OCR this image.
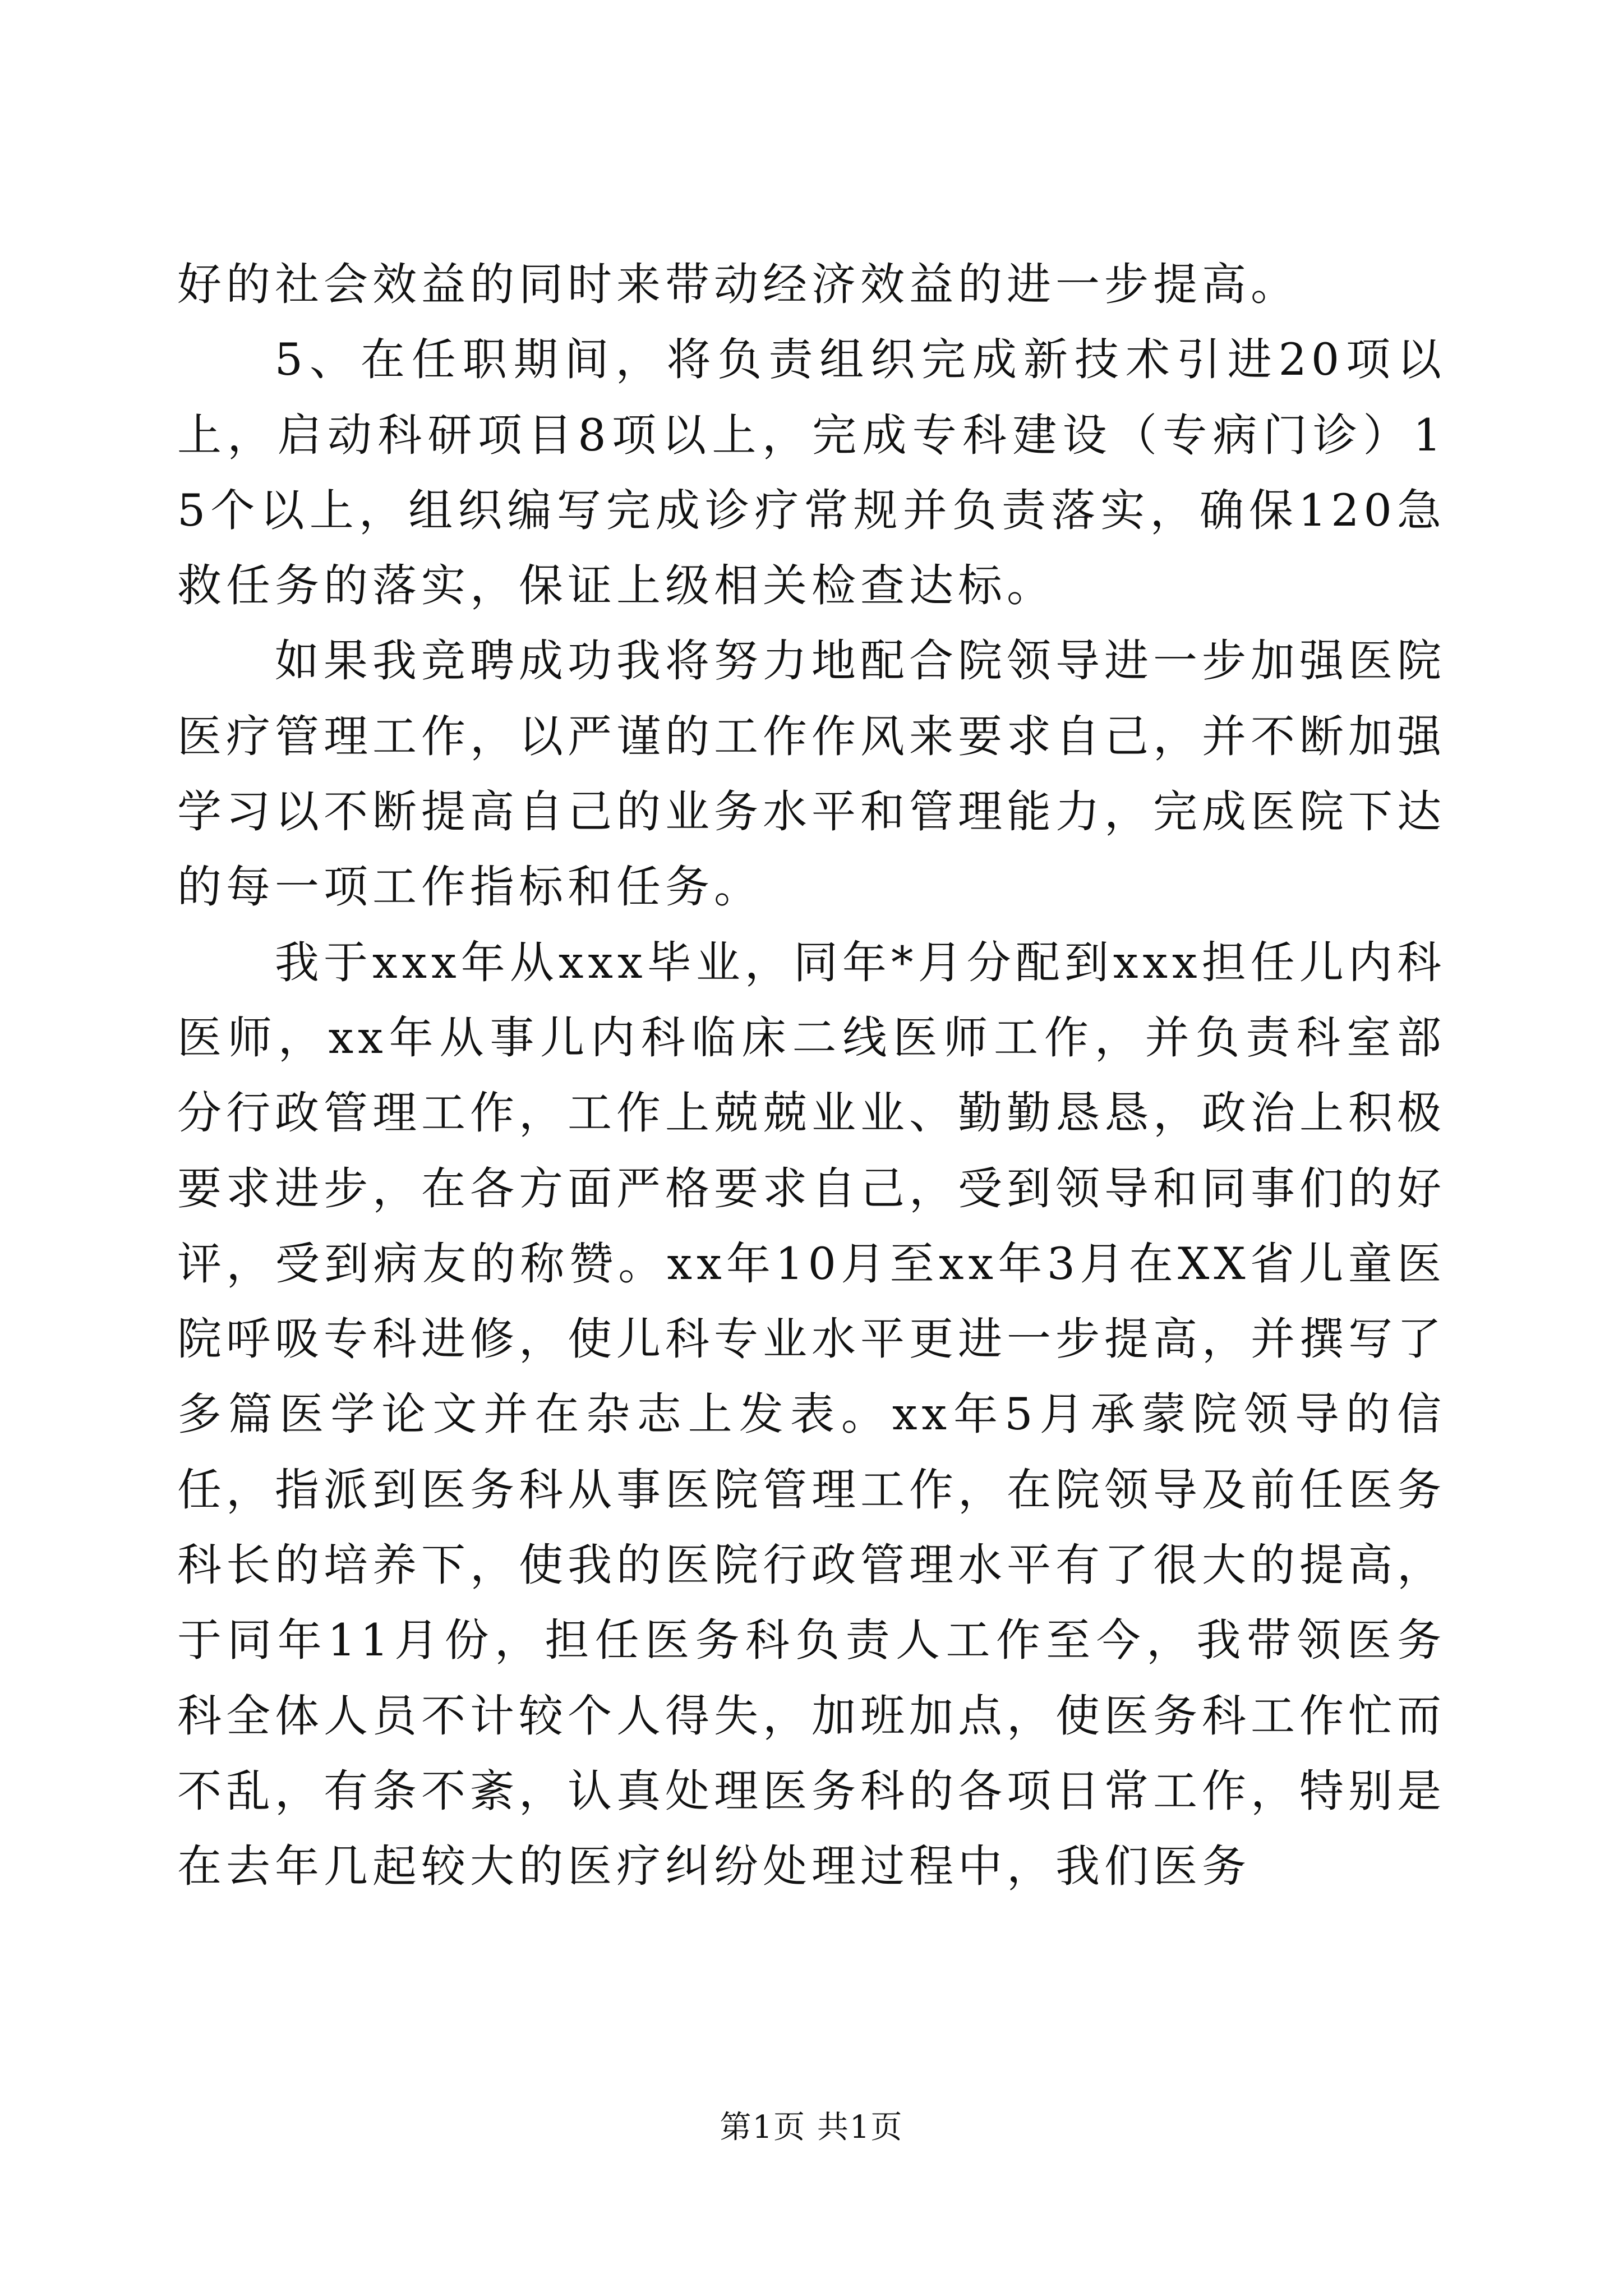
好的社会效益的同时来带动经济效益的进一步提高。

5、在任职期间，将负责组织完成新技术引进20项以上，启动科研项目8项以上，完成专科建设（专病门诊）15个以上，组织编写完成诊疗常规并负责落实，确保120急救任务的落实，保证上级相关检查达标。

如果我竞聘成功我将努力地配合院领导进一步加强医院医疗管理工作，以严谨的工作作风来要求自己，并不断加强学习以不断提高自己的业务水平和管理能力，完成医院下达的每一项工作指标和任务。

我于xxx年从xxx毕业，同年*月分配到xxx担任儿内科医师，xx年从事儿内科临床二线医师工作，并负责科室部分行政管理工作，工作上兢兢业业、勤勤恳恳，政治上积极要求进步，在各方面严格要求自己，受到领导和同事们的好评，受到病友的称赞。xx年10月至xx年3月在XX省儿童医院呼吸专科进修，使儿科专业水平更进一步提高，并撰写了多篇医学论文并在杂志上发表。xx年5月承蒙院领导的信任，指派到医务科从事医院管理工作，在院领导及前任医务科长的培养下，使我的医院行政管理水平有了很大的提高，于同年11月份，担任医务科负责人工作至今，我带领医务科全体人员不计较个人得失，加班加点，使医务科工作忙而不乱，有条不紊，认真处理医务科的各项日常工作，特别是在去年几起较大的医疗纠纷处理过程中，我们医务

第1页 共1页
